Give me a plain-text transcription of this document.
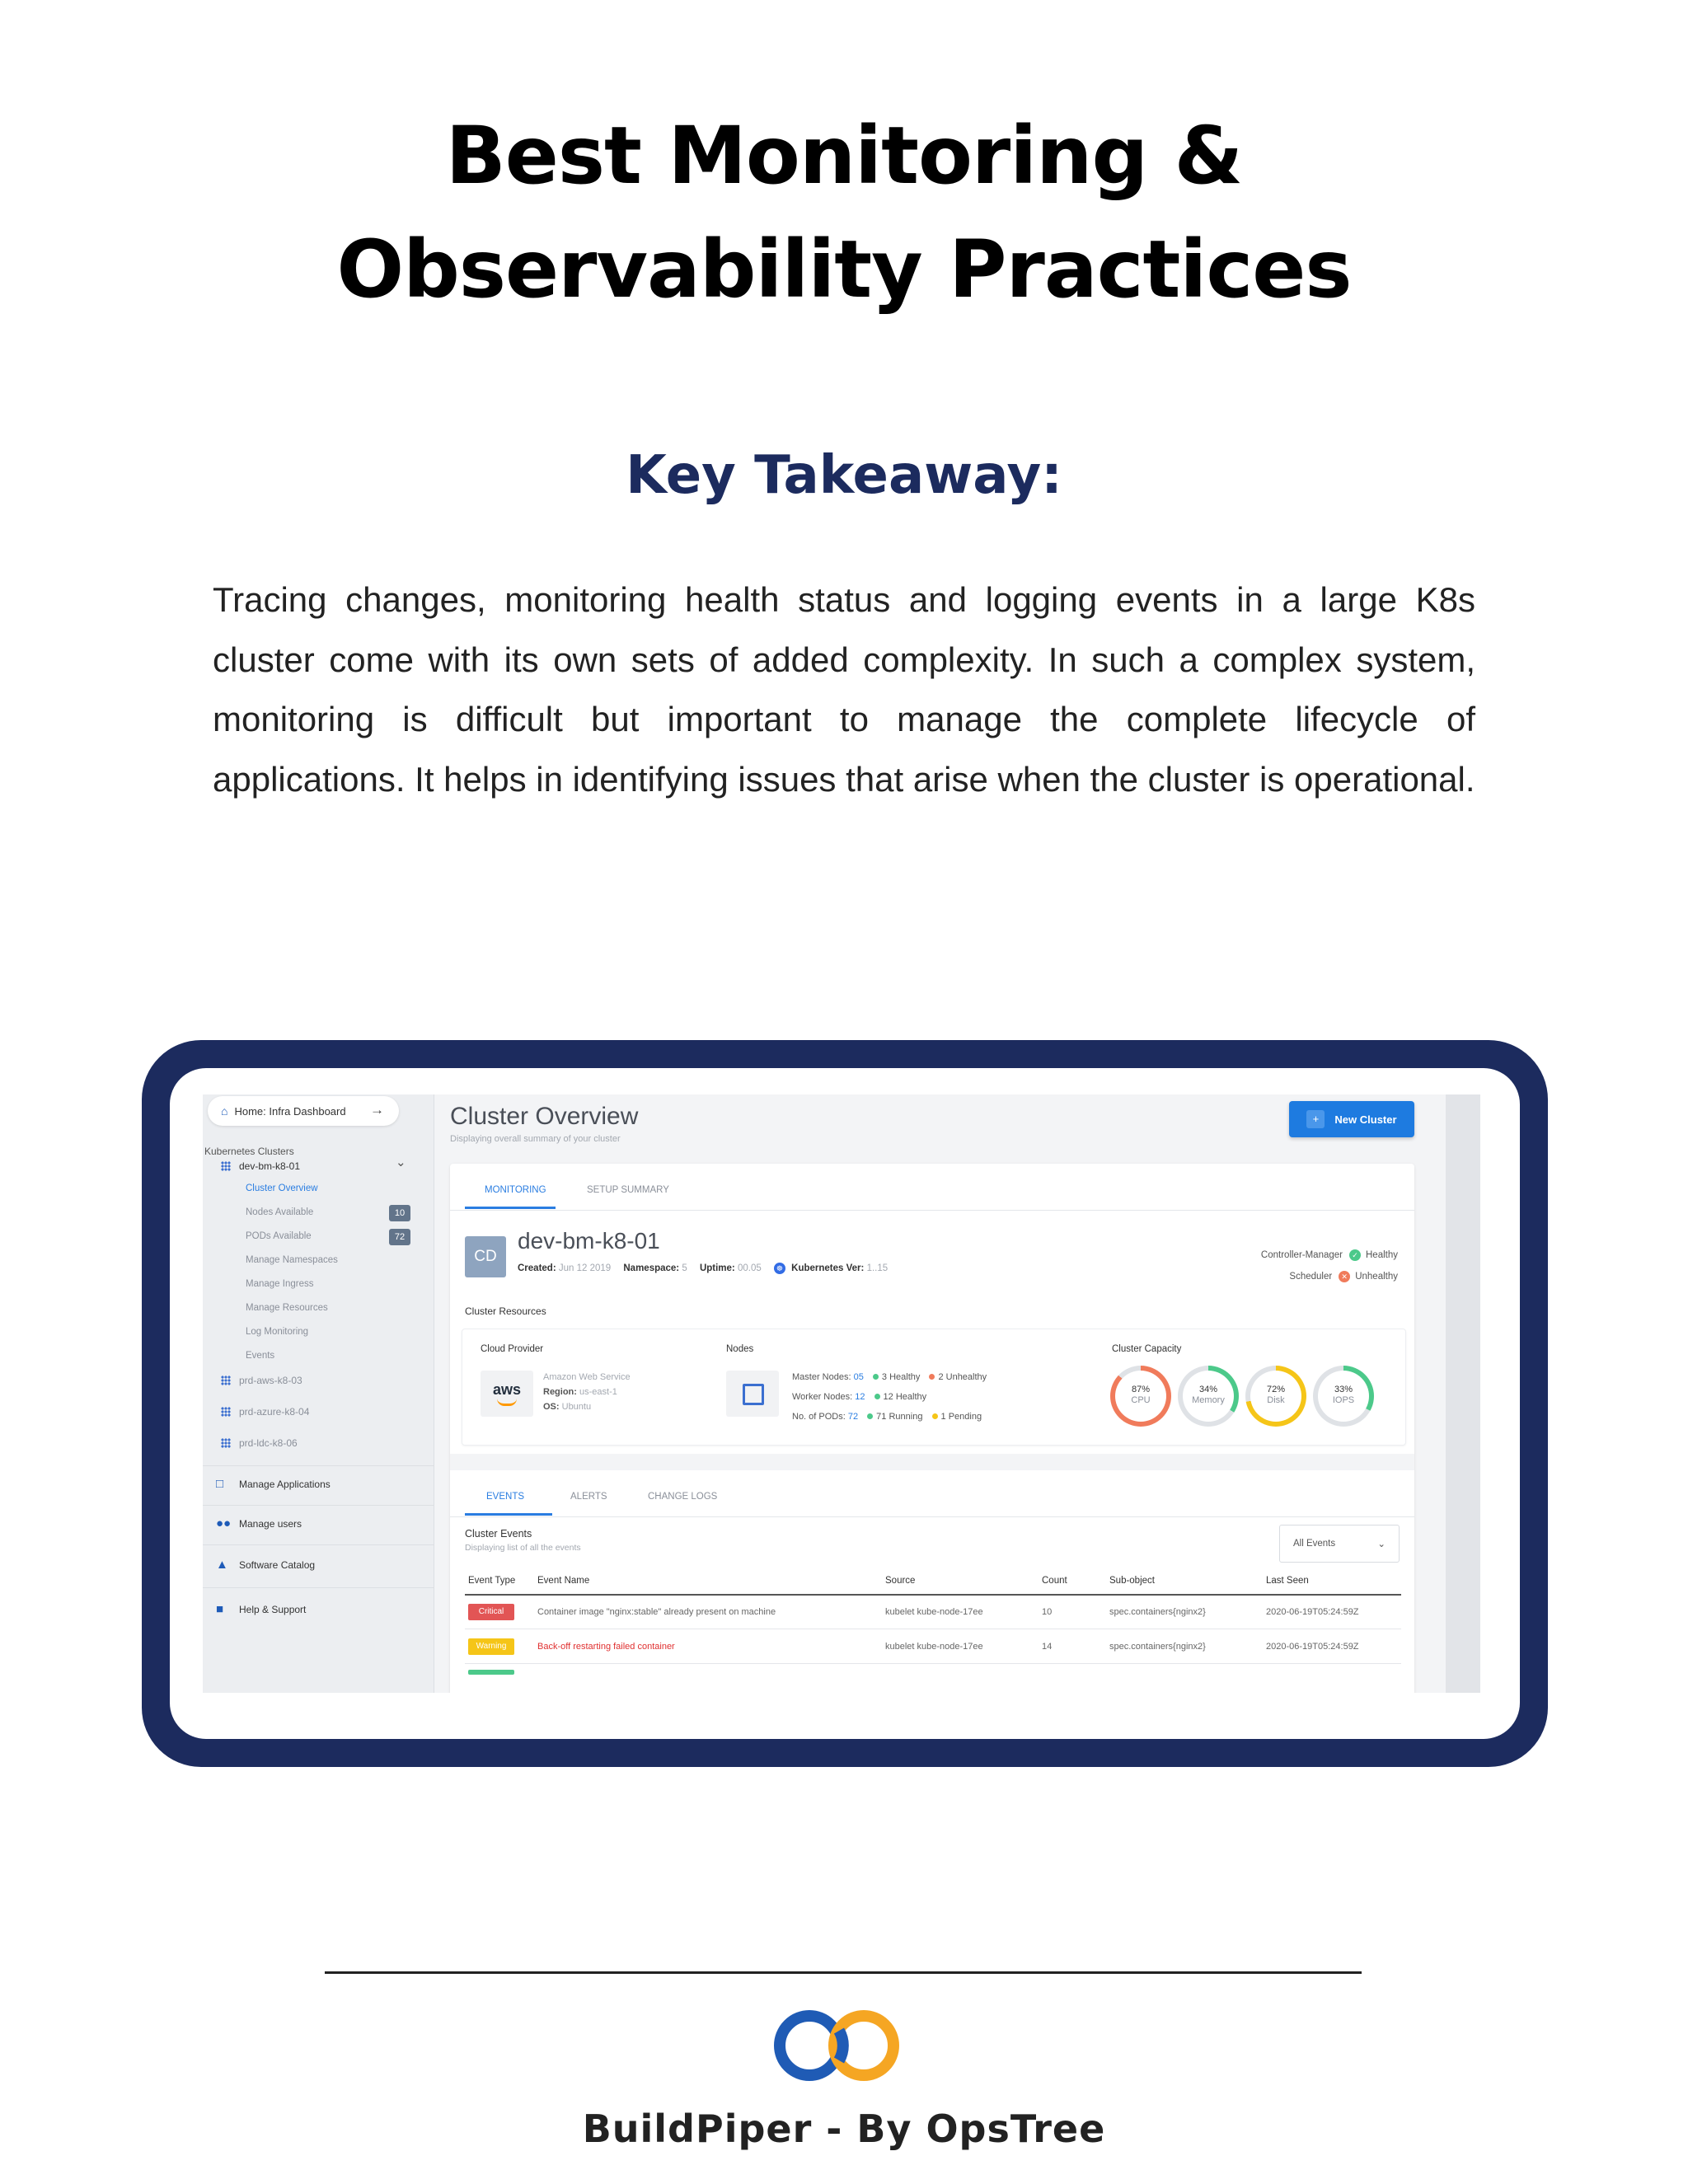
Best Monitoring &
Observability Practices
Key Takeaway:
Tracing changes, monitoring health status and logging events in a large K8s cluster come with its own sets of added complexity. In such a complex system, monitoring is difficult but important to manage the complete lifecycle of applications. It helps in identifying issues that arise when the cluster is operational.
⌂ Home: Infra Dashboard →
Kubernetes Clusters
dev-bm-k8-01	⌄
Cluster Overview
Nodes Available	10
PODs Available	72
Manage Namespaces
Manage Ingress
Manage Resources
Log Monitoring
Events
prd-aws-k8-03
prd-azure-k8-04
prd-ldc-k8-06
□	Manage Applications
●● Manage users
▲	Software Catalog
■	Help & Support
Cluster Overview
Displaying overall summary of your cluster
+	New Cluster
MONITORING	SETUP SUMMARY
CD
dev-bm-k8-01
Created: Jun 12 2019 Namespace: 5 Uptime: 00.05 ☸ Kubernetes Ver: 1..15
Controller-Manager	✓ Healthy
Scheduler	✕ Unhealthy
Cluster Resources
Cloud Provider
aws
Amazon Web Service
Region: us-east-1
OS: Ubuntu
Nodes
Master Nodes: 05 3 Healthy 2 Unhealthy
Worker Nodes: 12 12 Healthy
No. of PODs: 72 71 Running 1 Pending
Cluster Capacity
87%
CPU
34%
Memory
72%
Disk
33%
IOPS
EVENTS	ALERTS	CHANGE LOGS
Cluster Events
Displaying list of all the events	All Events	⌄
Event Type Event Name	Source	Count	Sub-object	Last Seen
Critical	Container image "nginx:stable" already present on machine	kubelet kube-node-17ee	10	spec.containers{nginx2}	2020-06-19T05:24:59Z
Warning	Back-off restarting failed container	kubelet kube-node-17ee	14	spec.containers{nginx2}	2020-06-19T05:24:59Z
BuildPiper - By OpsTree
